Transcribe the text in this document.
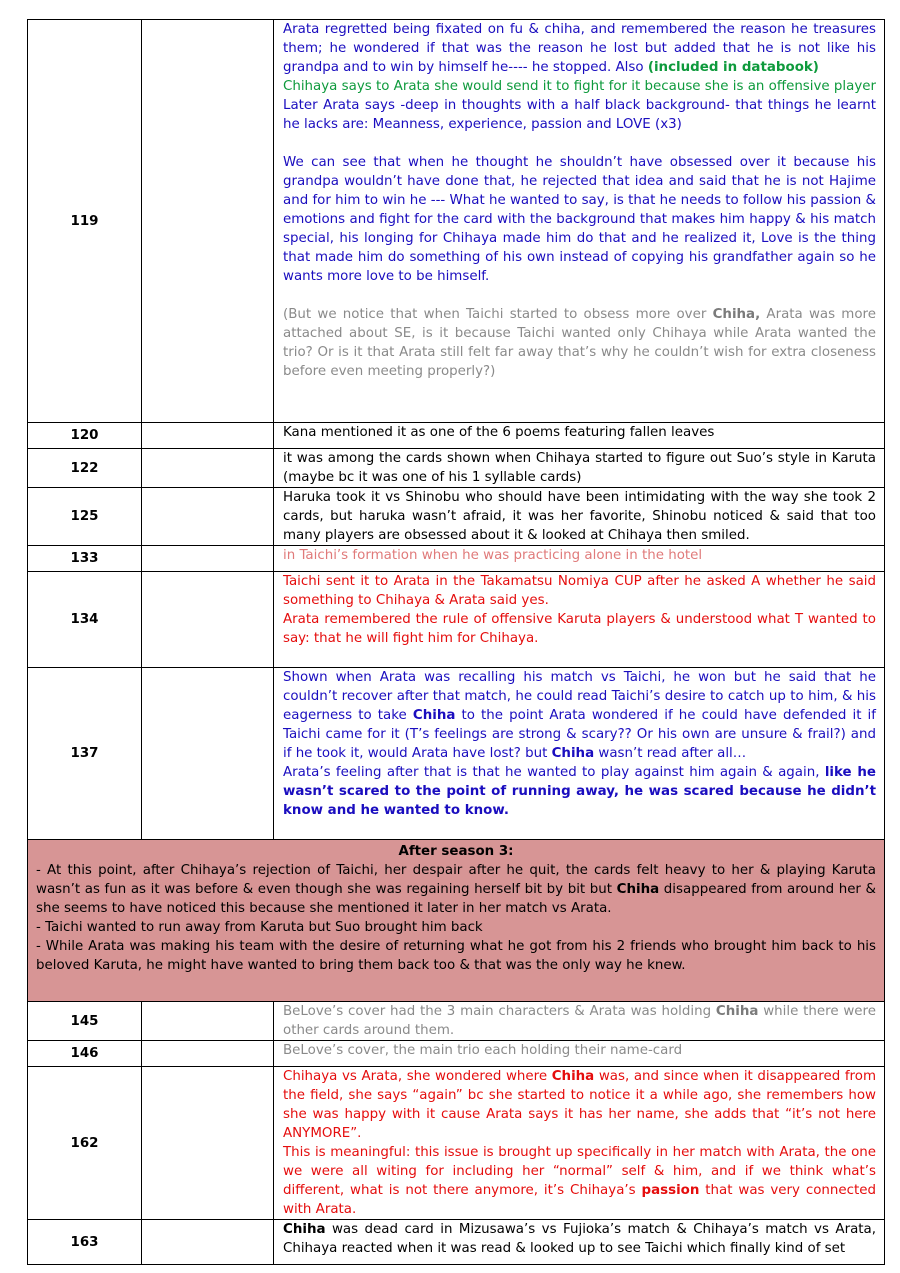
119		Arata regretted being fixated on fu & chiha, and remembered the reason he treasures them; he wondered if that was the reason he lost but added that he is not like his grandpa and to win by himself he---- he stopped. Also (included in databook)

Chihaya says to Arata she would send it to fight for it because she is an offensive player

Later Arata says -deep in thoughts with a half black background- that things he learnt he lacks are: Meanness, experience, passion and LOVE (x3)

We can see that when he thought he shouldn’t have obsessed over it because his grandpa wouldn’t have done that, he rejected that idea and said that he is not Hajime and for him to win he --- What he wanted to say, is that he needs to follow his passion & emotions and fight for the card with the background that makes him happy & his match special, his longing for Chihaya made him do that and he realized it, Love is the thing that made him do something of his own instead of copying his grandfather again so he wants more love to be himself.

(But we notice that when Taichi started to obsess more over Chiha, Arata was more attached about SE, is it because Taichi wanted only Chihaya while Arata wanted the trio? Or is it that Arata still felt far away that’s why he couldn’t wish for extra closeness before even meeting properly?)

120		Kana mentioned it as one of the 6 poems featuring fallen leaves

122		it was among the cards shown when Chihaya started to figure out Suo’s style in Karuta (maybe bc it was one of his 1 syllable cards)

125		Haruka took it vs Shinobu who should have been intimidating with the way she took 2 cards, but haruka wasn’t afraid, it was her favorite, Shinobu noticed & said that too many players are obsessed about it & looked at Chihaya then smiled.

133		in Taichi’s formation when he was practicing alone in the hotel

134		Taichi sent it to Arata in the Takamatsu Nomiya CUP after he asked A whether he said something to Chihaya & Arata said yes.

Arata remembered the rule of offensive Karuta players & understood what T wanted to say: that he will fight him for Chihaya.

137		Shown when Arata was recalling his match vs Taichi, he won but he said that he couldn’t recover after that match, he could read Taichi’s desire to catch up to him, & his eagerness to take Chiha to the point Arata wondered if he could have defended it if Taichi came for it (T’s feelings are strong & scary?? Or his own are unsure & frail?) and if he took it, would Arata have lost? but Chiha wasn’t read after all…

Arata’s feeling after that is that he wanted to play against him again & again, like he wasn’t scared to the point of running away, he was scared because he didn’t know and he wanted to know.

After season 3:
- At this point, after Chihaya’s rejection of Taichi, her despair after he quit, the cards felt heavy to her & playing Karuta wasn’t as fun as it was before & even though she was regaining herself bit by bit but Chiha disappeared from around her & she seems to have noticed this because she mentioned it later in her match vs Arata.
- Taichi wanted to run away from Karuta but Suo brought him back
- While Arata was making his team with the desire of returning what he got from his 2 friends who brought him back to his beloved Karuta, he might have wanted to bring them back too & that was the only way he knew.		

145		BeLove’s cover had the 3 main characters & Arata was holding Chiha while there were other cards around them.

146		BeLove’s cover, the main trio each holding their name-card

162		Chihaya vs Arata, she wondered where Chiha was, and since when it disappeared from the field, she says “again” bc she started to notice it a while ago, she remembers how she was happy with it cause Arata says it has her name, she adds that “it’s not here ANYMORE”.

This is meaningful: this issue is brought up specifically in her match with Arata, the one we were all witing for including her “normal” self & him, and if we think what’s different, what is not there anymore, it’s Chihaya’s passion that was very connected with Arata.

163		Chiha was dead card in Mizusawa’s vs Fujioka’s match & Chihaya’s match vs Arata, Chihaya reacted when it was read & looked up to see Taichi which finally kind of set
